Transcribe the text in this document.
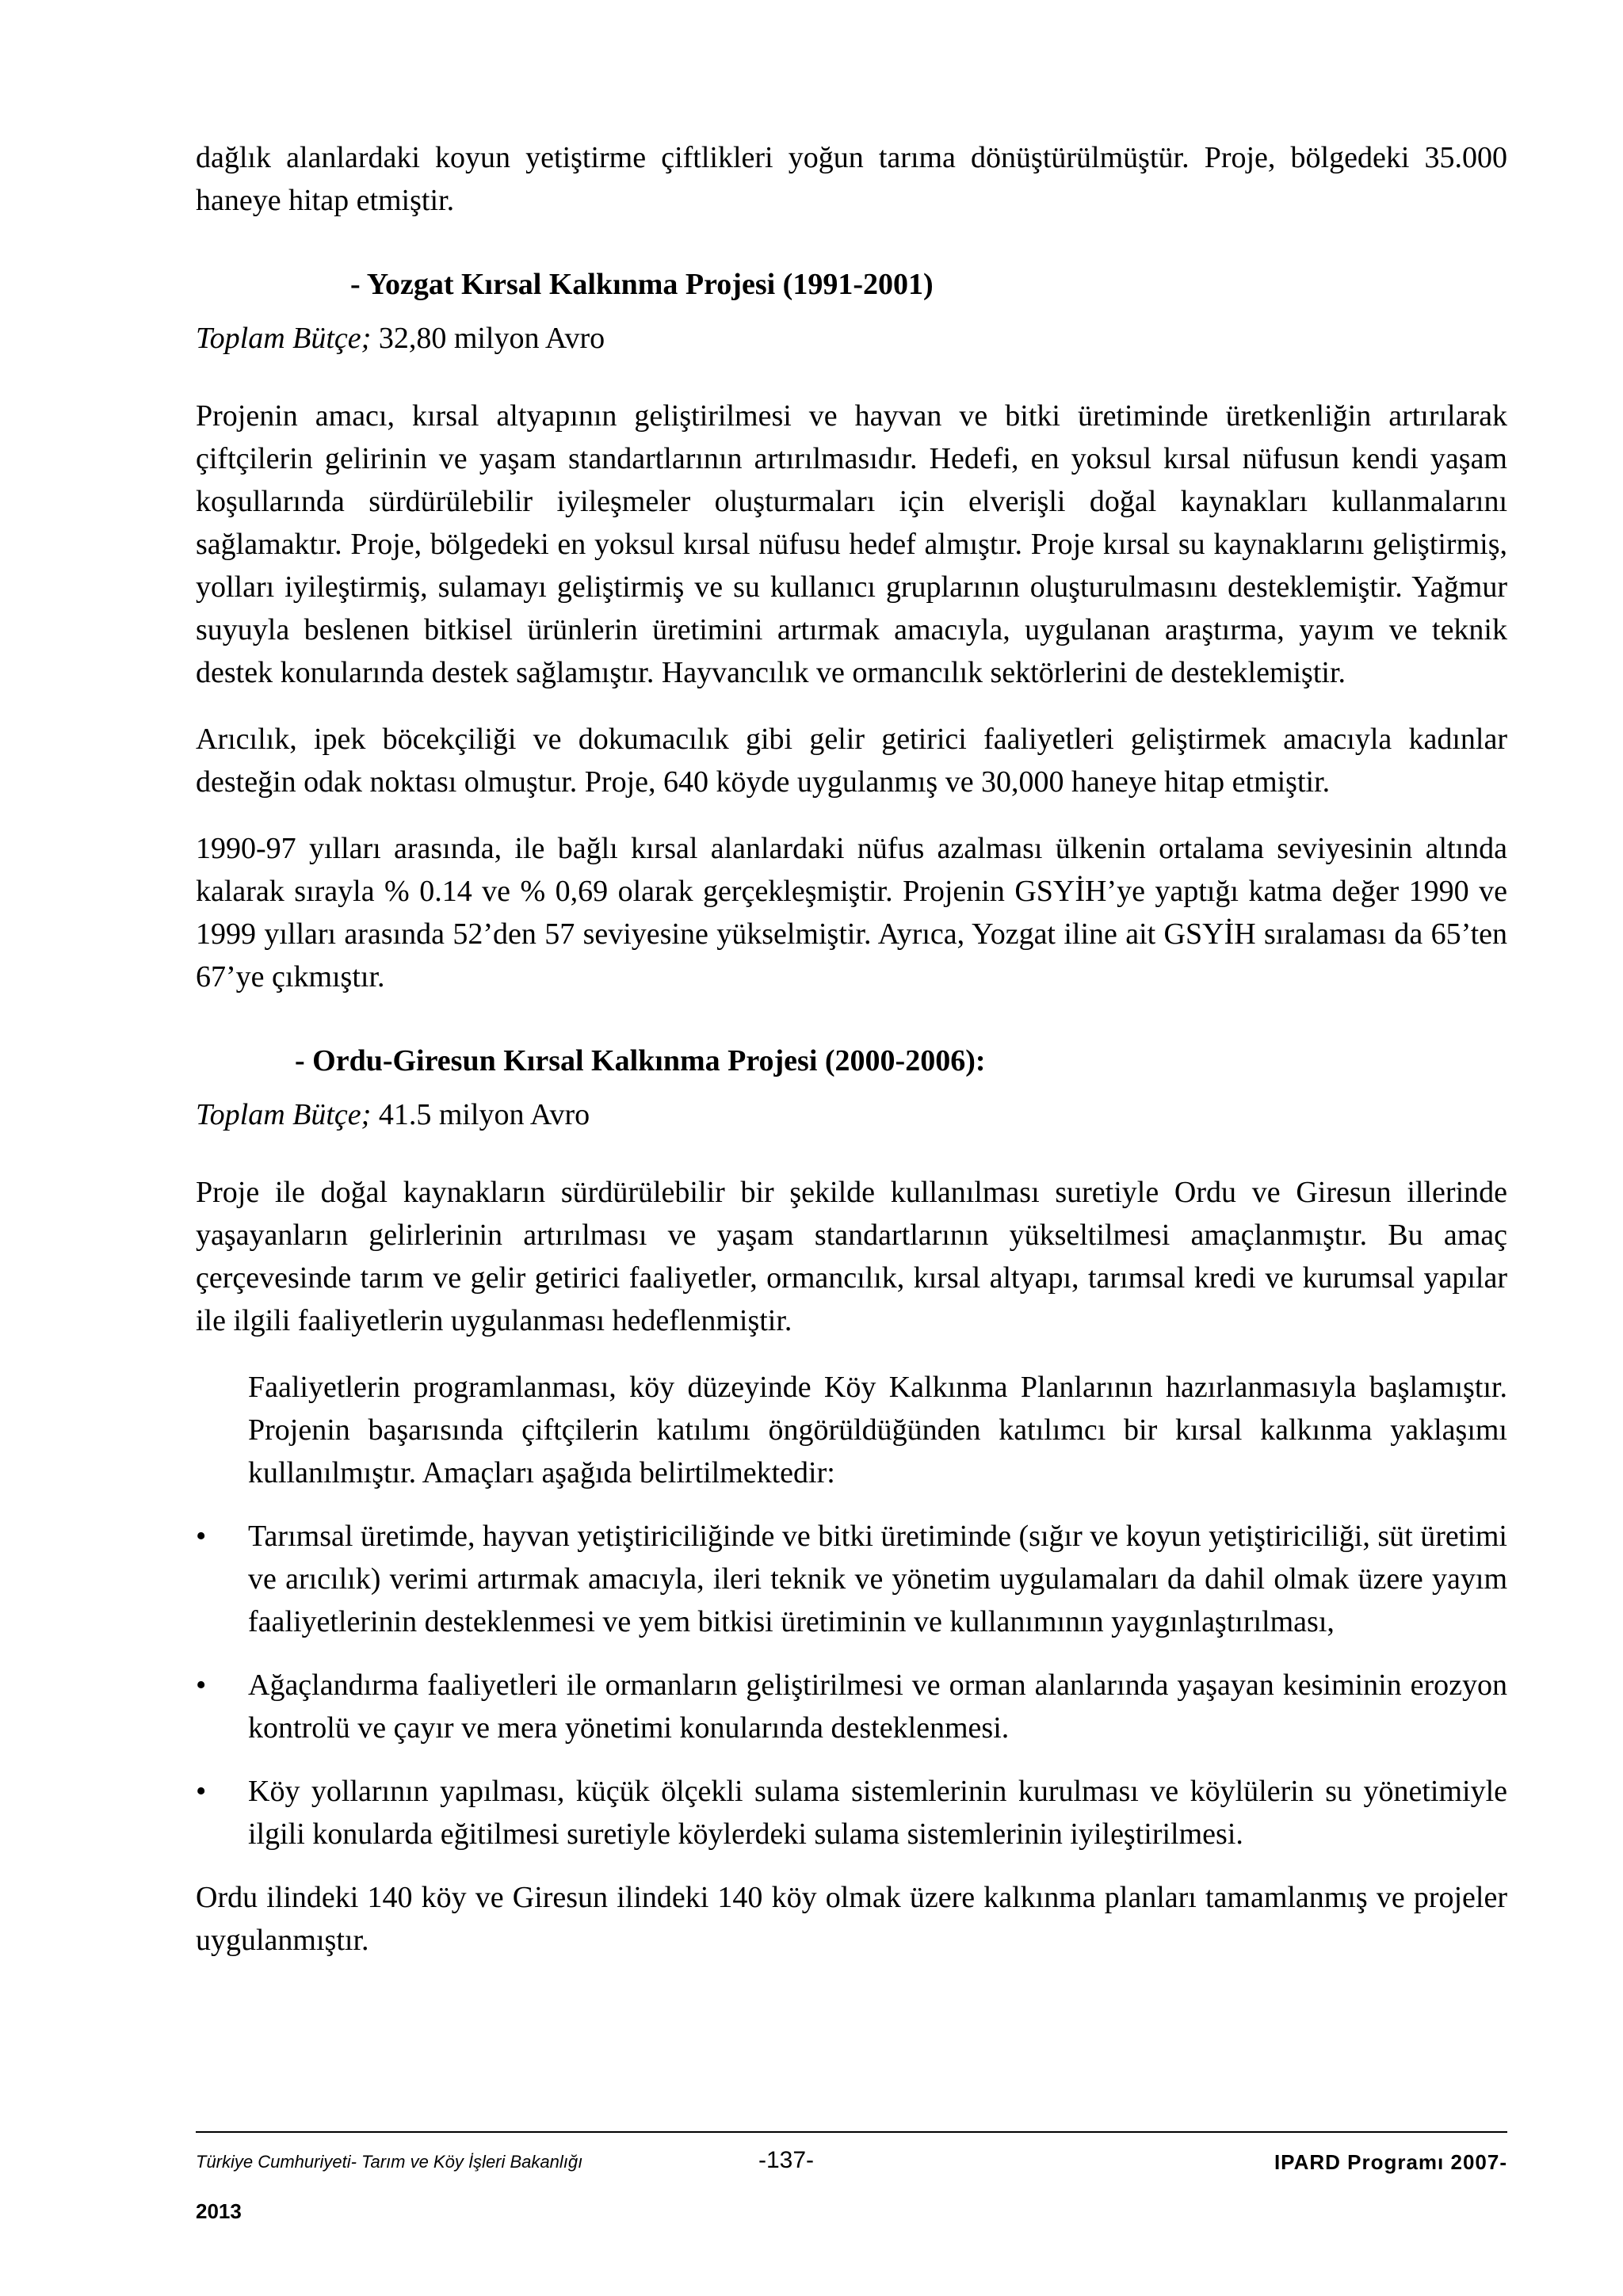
dağlık alanlardaki koyun yetiştirme çiftlikleri yoğun tarıma dönüştürülmüştür. Proje, bölgedeki 35.000 haneye hitap etmiştir.

- Yozgat Kırsal Kalkınma Projesi (1991-2001)
Toplam Bütçe; 32,80 milyon Avro

Projenin amacı, kırsal altyapının geliştirilmesi ve hayvan ve bitki üretiminde üretkenliğin artırılarak çiftçilerin gelirinin ve yaşam standartlarının artırılmasıdır. Hedefi, en yoksul kırsal nüfusun kendi yaşam koşullarında sürdürülebilir iyileşmeler oluşturmaları için elverişli doğal kaynakları kullanmalarını sağlamaktır. Proje, bölgedeki en yoksul kırsal nüfusu hedef almıştır. Proje kırsal su kaynaklarını geliştirmiş, yolları iyileştirmiş, sulamayı geliştirmiş ve su kullanıcı gruplarının oluşturulmasını desteklemiştir. Yağmur suyuyla beslenen bitkisel ürünlerin üretimini artırmak amacıyla, uygulanan araştırma, yayım ve teknik destek konularında destek sağlamıştır. Hayvancılık ve ormancılık sektörlerini de desteklemiştir.

Arıcılık, ipek böcekçiliği ve dokumacılık gibi gelir getirici faaliyetleri geliştirmek amacıyla kadınlar desteğin odak noktası olmuştur. Proje, 640 köyde uygulanmış ve 30,000 haneye hitap etmiştir.

1990-97 yılları arasında, ile bağlı kırsal alanlardaki nüfus azalması ülkenin ortalama seviyesinin altında kalarak sırayla % 0.14 ve % 0,69 olarak gerçekleşmiştir. Projenin GSYİH’ye yaptığı katma değer 1990 ve 1999 yılları arasında 52’den 57 seviyesine yükselmiştir. Ayrıca, Yozgat iline ait GSYİH sıralaması da 65’ten 67’ye çıkmıştır.

- Ordu-Giresun Kırsal Kalkınma Projesi (2000-2006):
Toplam Bütçe; 41.5 milyon Avro

Proje ile doğal kaynakların sürdürülebilir bir şekilde kullanılması suretiyle Ordu ve Giresun illerinde yaşayanların gelirlerinin artırılması ve yaşam standartlarının yükseltilmesi amaçlanmıştır. Bu amaç çerçevesinde tarım ve gelir getirici faaliyetler, ormancılık, kırsal altyapı, tarımsal kredi ve kurumsal yapılar ile ilgili faaliyetlerin uygulanması hedeflenmiştir.

Faaliyetlerin programlanması, köy düzeyinde Köy Kalkınma Planlarının hazırlanmasıyla başlamıştır. Projenin başarısında çiftçilerin katılımı öngörüldüğünden katılımcı bir kırsal kalkınma yaklaşımı kullanılmıştır. Amaçları aşağıda belirtilmektedir:

• Tarımsal üretimde, hayvan yetiştiriciliğinde ve bitki üretiminde (sığır ve koyun yetiştiriciliği, süt üretimi ve arıcılık) verimi artırmak amacıyla, ileri teknik ve yönetim uygulamaları da dahil olmak üzere yayım faaliyetlerinin desteklenmesi ve yem bitkisi üretiminin ve kullanımının yaygınlaştırılması,
• Ağaçlandırma faaliyetleri ile ormanların geliştirilmesi ve orman alanlarında yaşayan kesiminin erozyon kontrolü ve çayır ve mera yönetimi konularında desteklenmesi.
• Köy yollarının yapılması, küçük ölçekli sulama sistemlerinin kurulması ve köylülerin su yönetimiyle ilgili konularda eğitilmesi suretiyle köylerdeki sulama sistemlerinin iyileştirilmesi.

Ordu ilindeki 140 köy ve Giresun ilindeki 140 köy olmak üzere kalkınma planları tamamlanmış ve projeler uygulanmıştır.

Türkiye Cumhuriyeti- Tarım ve Köy İşleri Bakanlığı	-137-	IPARD Programı 2007-
2013
